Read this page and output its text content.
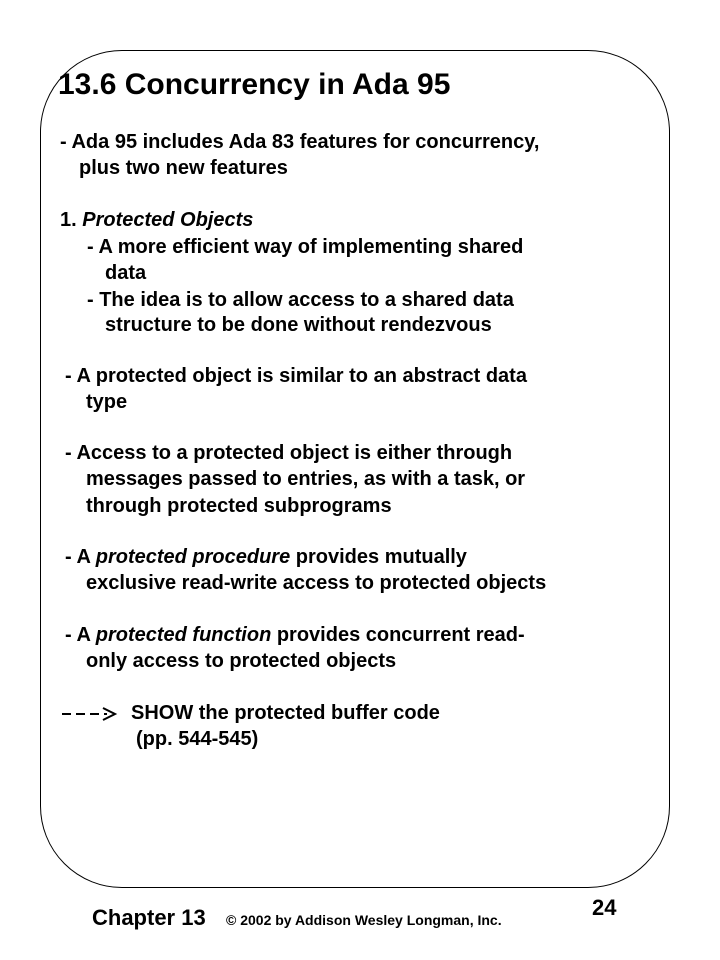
13.6 Concurrency in Ada 95

- Ada 95 includes Ada 83 features for concurrency,

plus two new features

1. Protected Objects

- A more efficient way of implementing shared

data

- The idea is to allow access to a shared data

structure to be done without rendezvous

- A protected object is similar to an abstract data

type

- Access to a protected object is either through

messages passed to entries, as with a task, or

through protected subprograms

- A protected procedure provides mutually

exclusive read-write access to protected objects

- A protected function provides concurrent read-

only access to protected objects

SHOW the protected buffer code

(pp. 544-545)

Chapter 13 © 2002 by Addison Wesley Longman, Inc.	24
